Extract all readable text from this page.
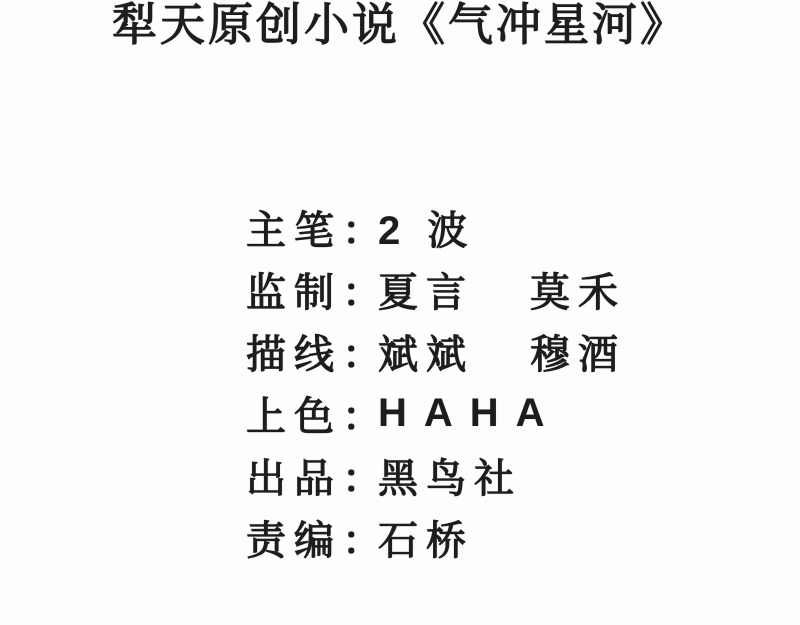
犁天原创小说《气冲星河》
主笔：
2 波
监制：
夏言	莫禾
描线：
斌斌	穆酒
上色：
HAHA
出品：
黑鸟社
责编：
石桥
